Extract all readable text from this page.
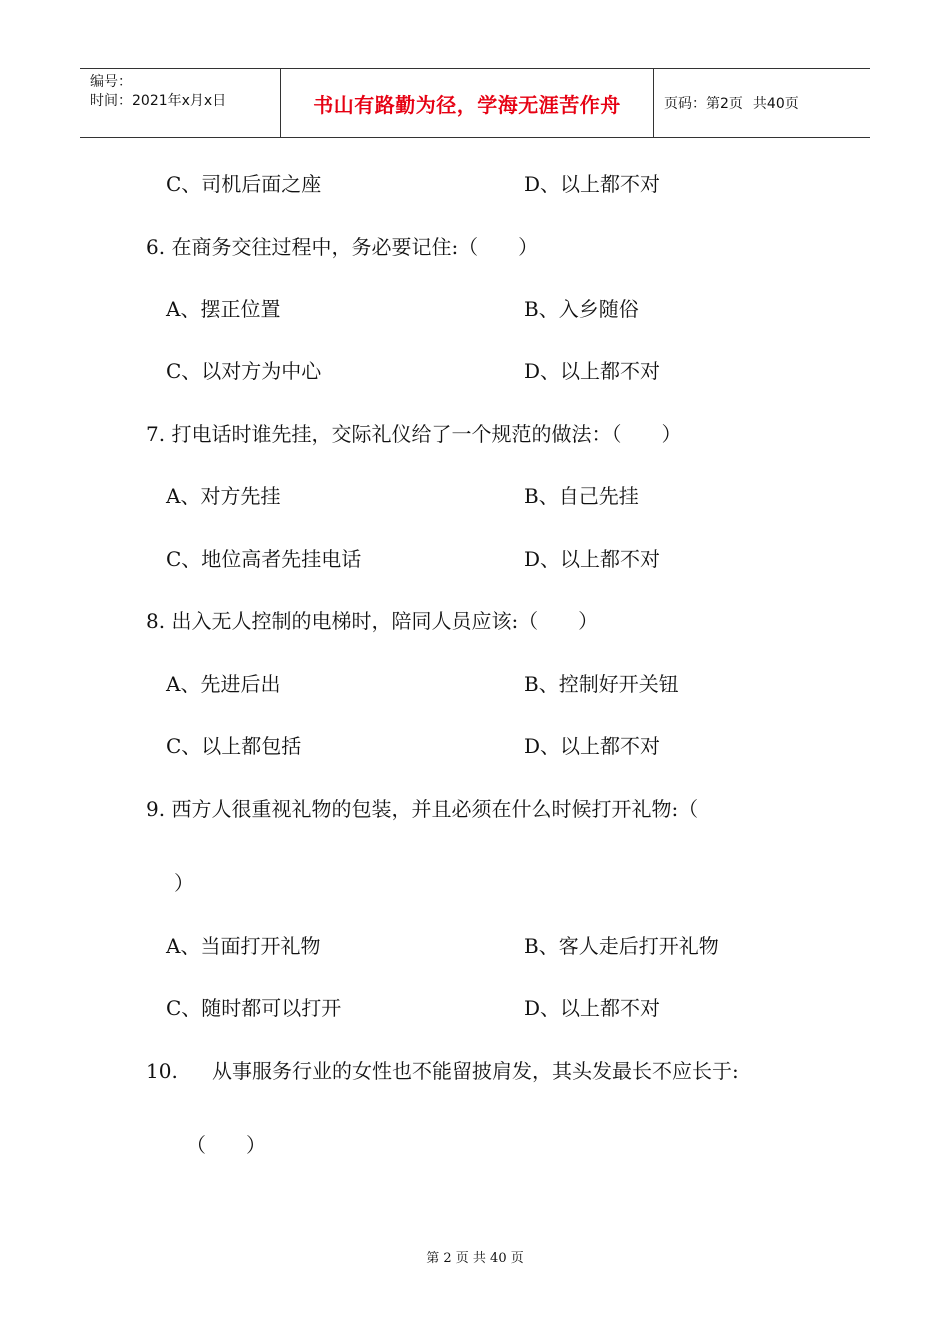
编号：
时间：2021年x月x日	书山有路勤为径，学海无涯苦作舟	页码：第2页 共40页
C、司机后面之座	D、以上都不对
6. 在商务交往过程中，务必要记住:（　　）
A、摆正位置	B、入乡随俗
C、以对方为中心	D、以上都不对
7. 打电话时谁先挂，交际礼仪给了一个规范的做法：（　　）
A、对方先挂	B、自己先挂
C、地位高者先挂电话	D、以上都不对
8. 出入无人控制的电梯时，陪同人员应该:（　　）
A、先进后出	B、控制好开关钮
C、以上都包括	D、以上都不对
9. 西方人很重视礼物的包装，并且必须在什么时候打开礼物:（
）
A、当面打开礼物	B、客人走后打开礼物
C、随时都可以打开	D、以上都不对
10. 从事服务行业的女性也不能留披肩发，其头发最长不应长于:
（　　）
第 2 页 共 40 页
